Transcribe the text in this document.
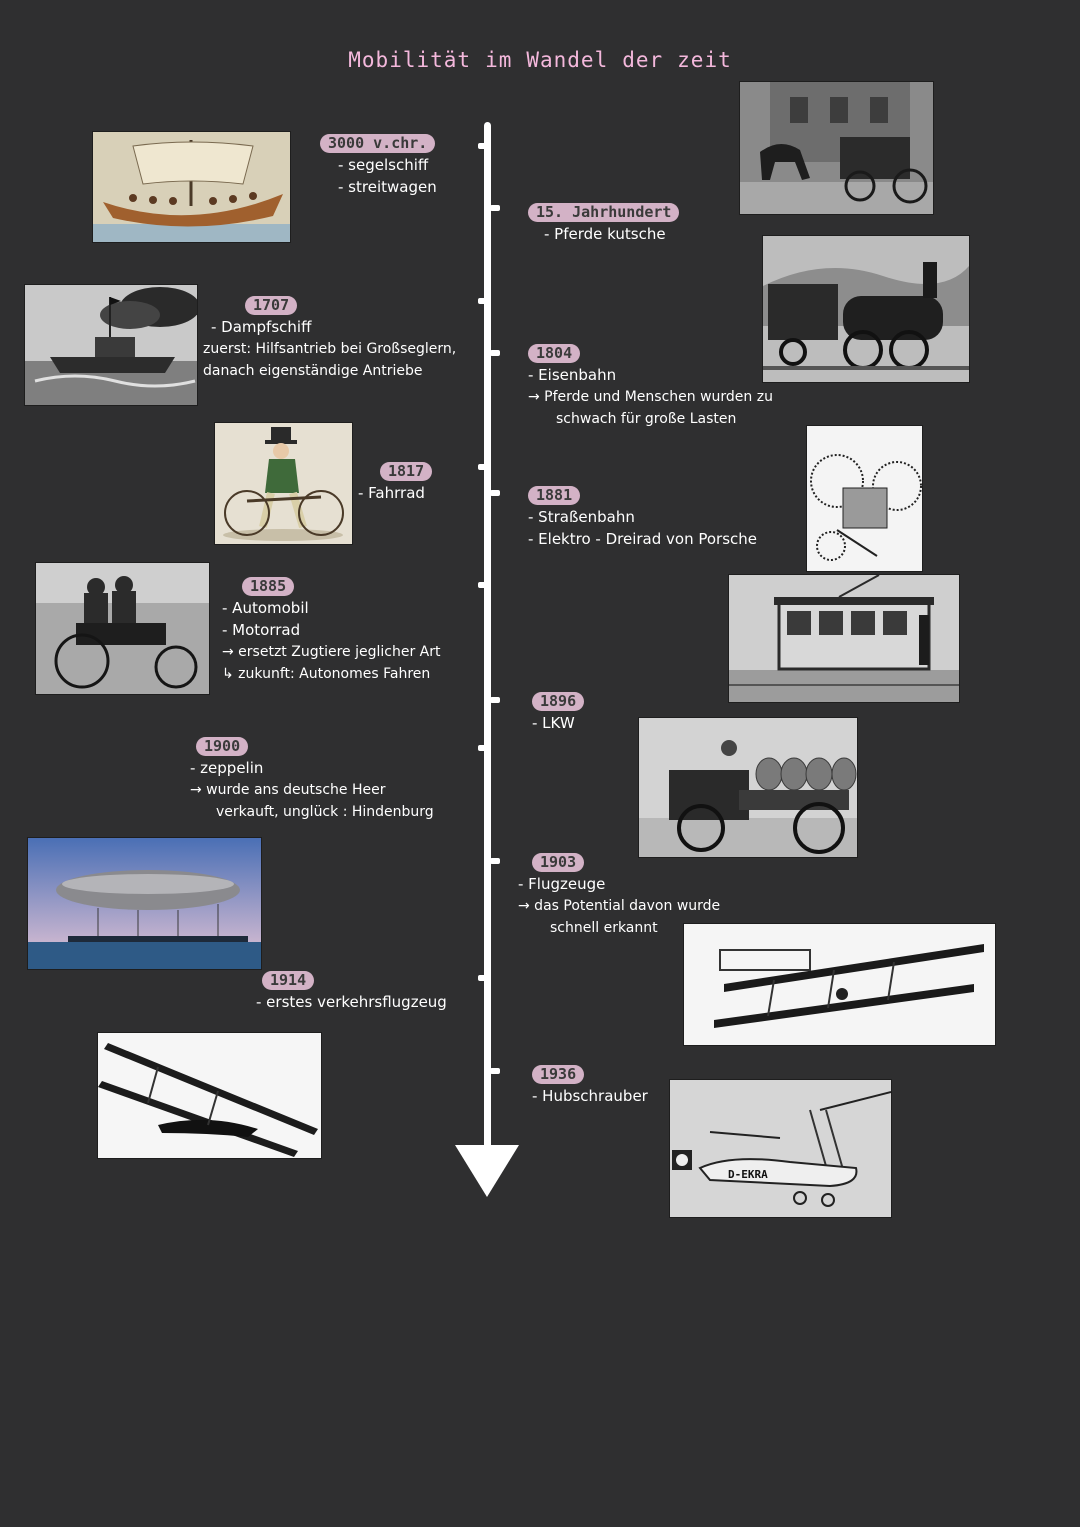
Mobilität im Wandel der zeit
3000 v.chr.
- segelschiff
- streitwagen
15. Jahrhundert
- Pferde kutsche
1707
- Dampfschiff
zuerst: Hilfsantrieb bei Großseglern,
danach eigenständige Antriebe
1804
- Eisenbahn
→ Pferde und Menschen wurden zu
schwach für große Lasten
1817
- Fahrrad	1881
- Straßenbahn
- Elektro - Dreirad von Porsche
1885
- Automobil
- Motorrad
→ ersetzt Zugtiere jeglicher Art
↳ zukunft: Autonomes Fahren
1896
- LKW
1900
- zeppelin
→ wurde ans deutsche Heer
verkauft, unglück : Hindenburg
1903
- Flugzeuge
→ das Potential davon wurde
schnell erkannt
1914
- erstes verkehrsflugzeug
1936
- Hubschrauber
D-EKRA
